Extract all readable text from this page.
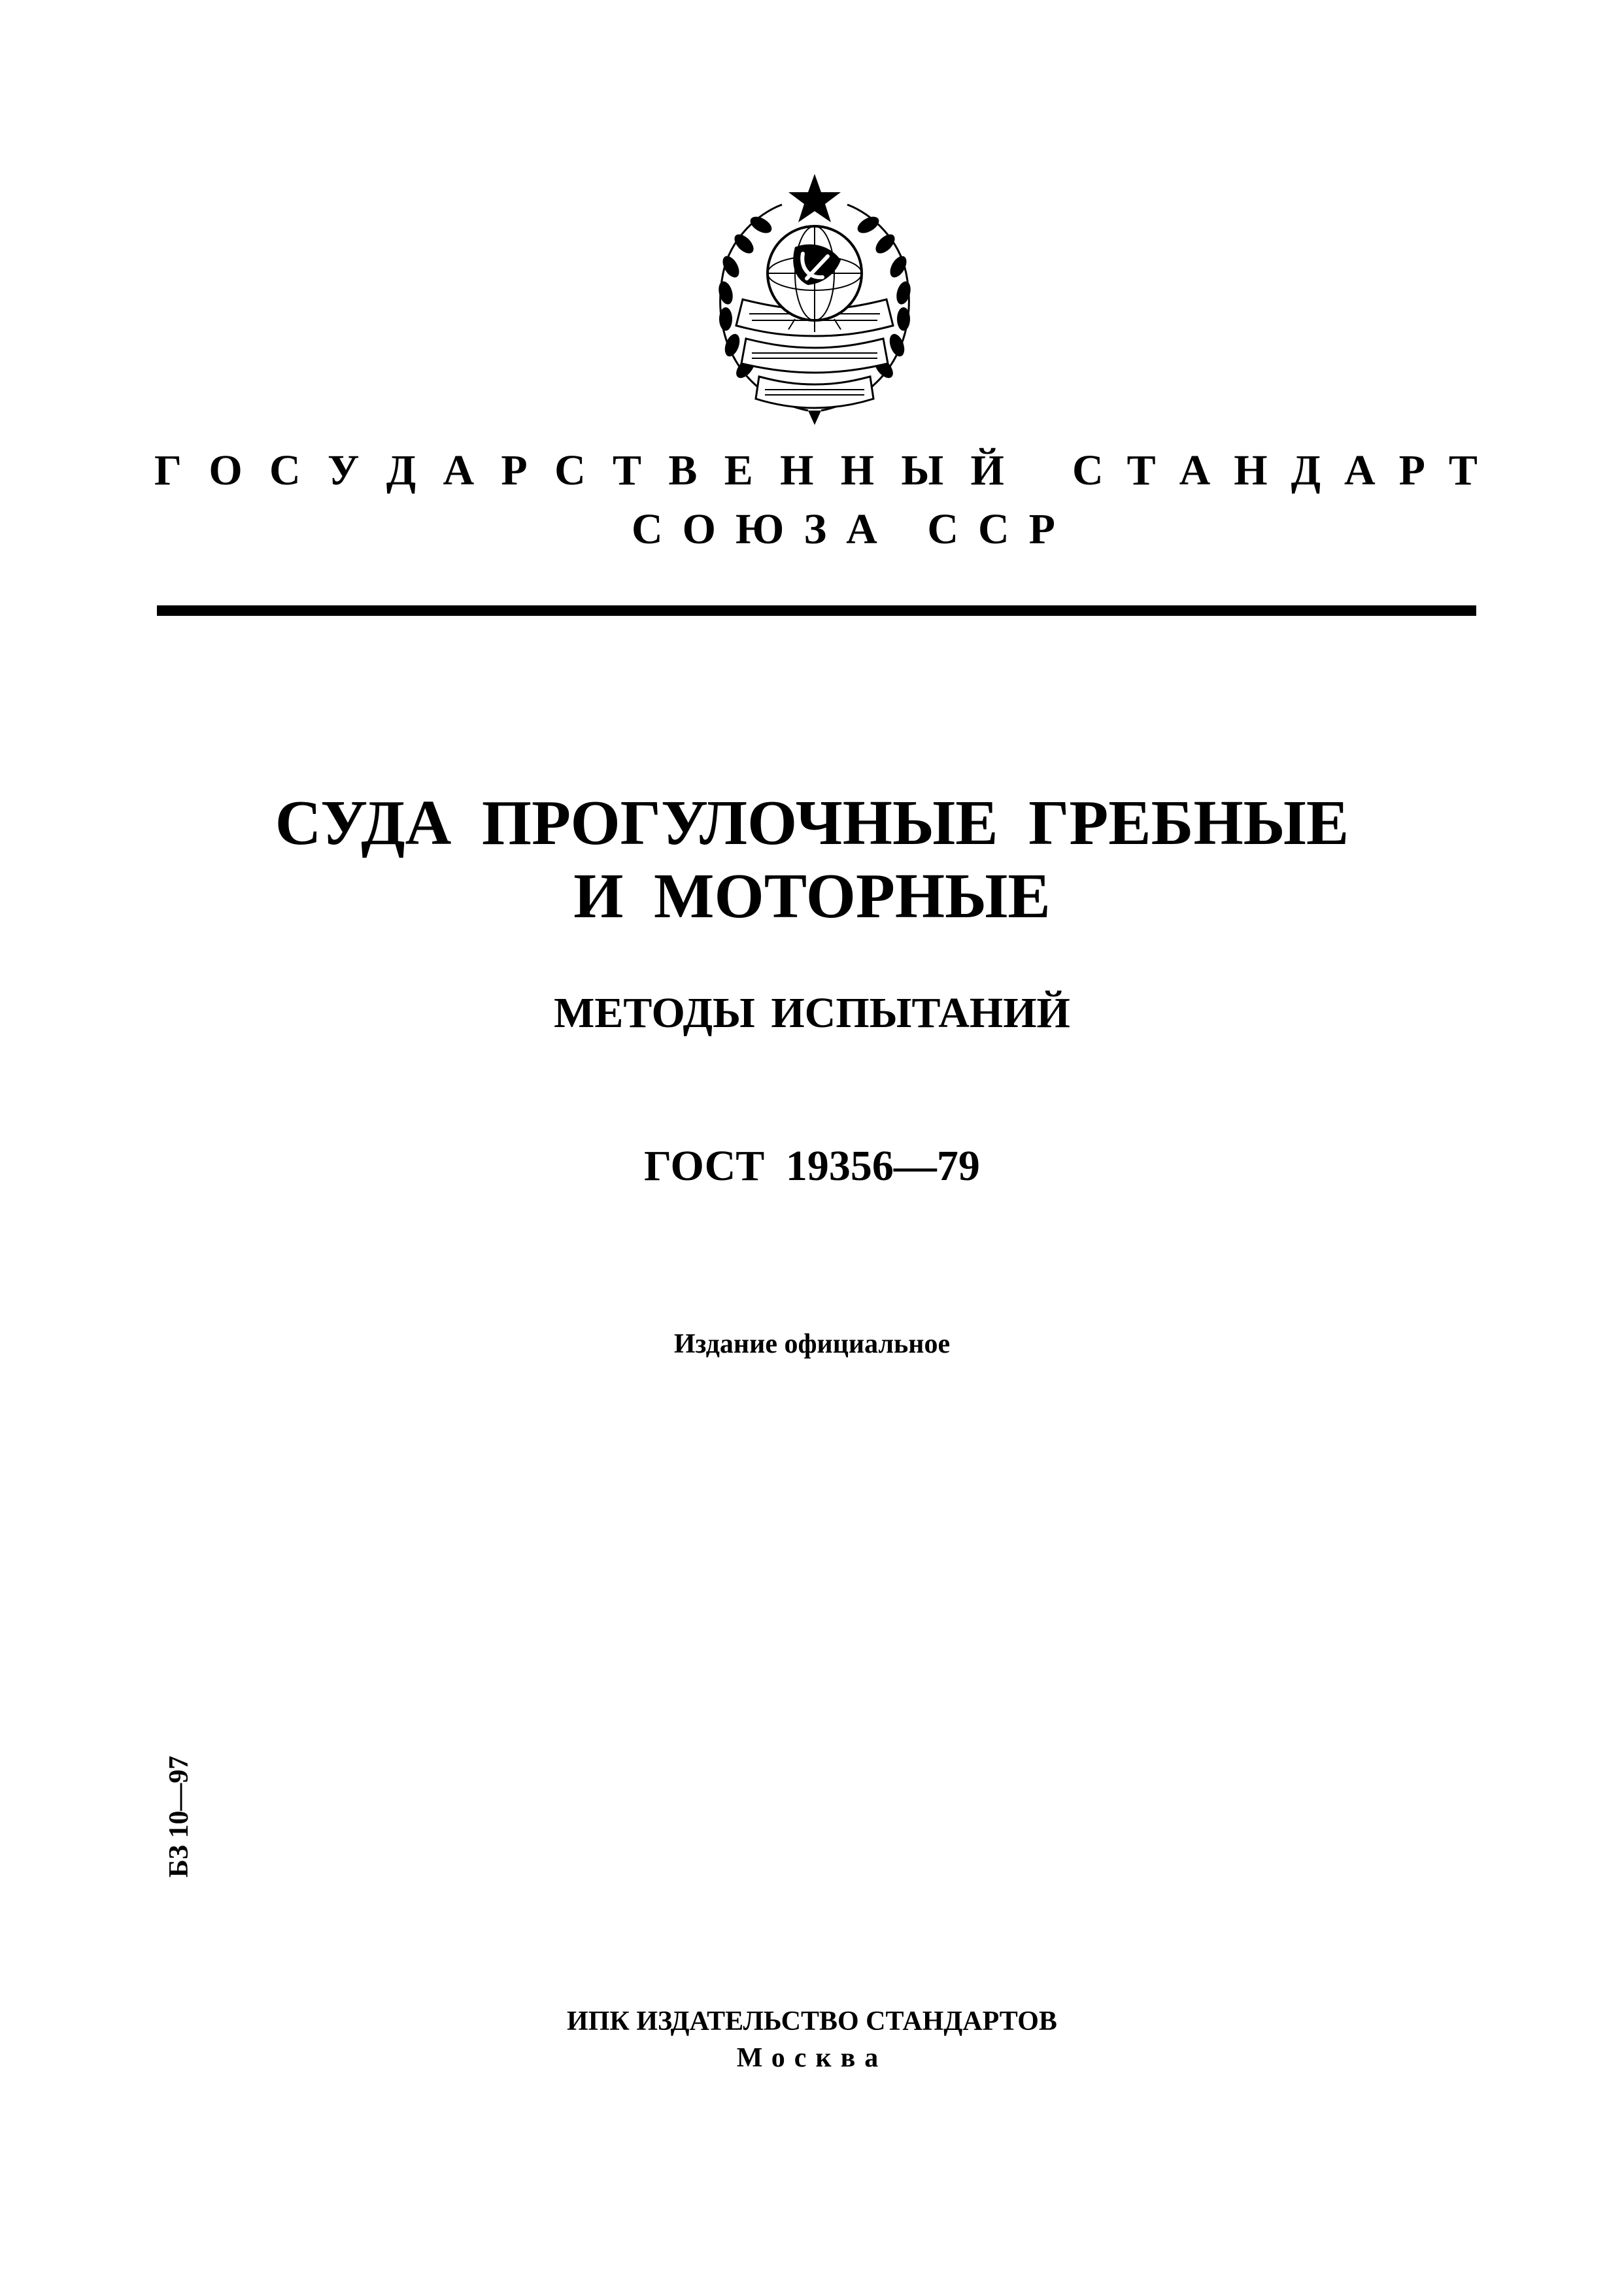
Г О С У Д А Р С Т В Е Н Н Ы Й С Т А Н Д А Р Т
СОЮЗА ССР
СУДА ПРОГУЛОЧНЫЕ ГРЕБНЫЕ
И МОТОРНЫЕ
МЕТОДЫ ИСПЫТАНИЙ
ГОСТ 19356—79
Издание официальное
БЗ 10—97
ИПК ИЗДАТЕЛЬСТВО СТАНДАРТОВ
Москва
